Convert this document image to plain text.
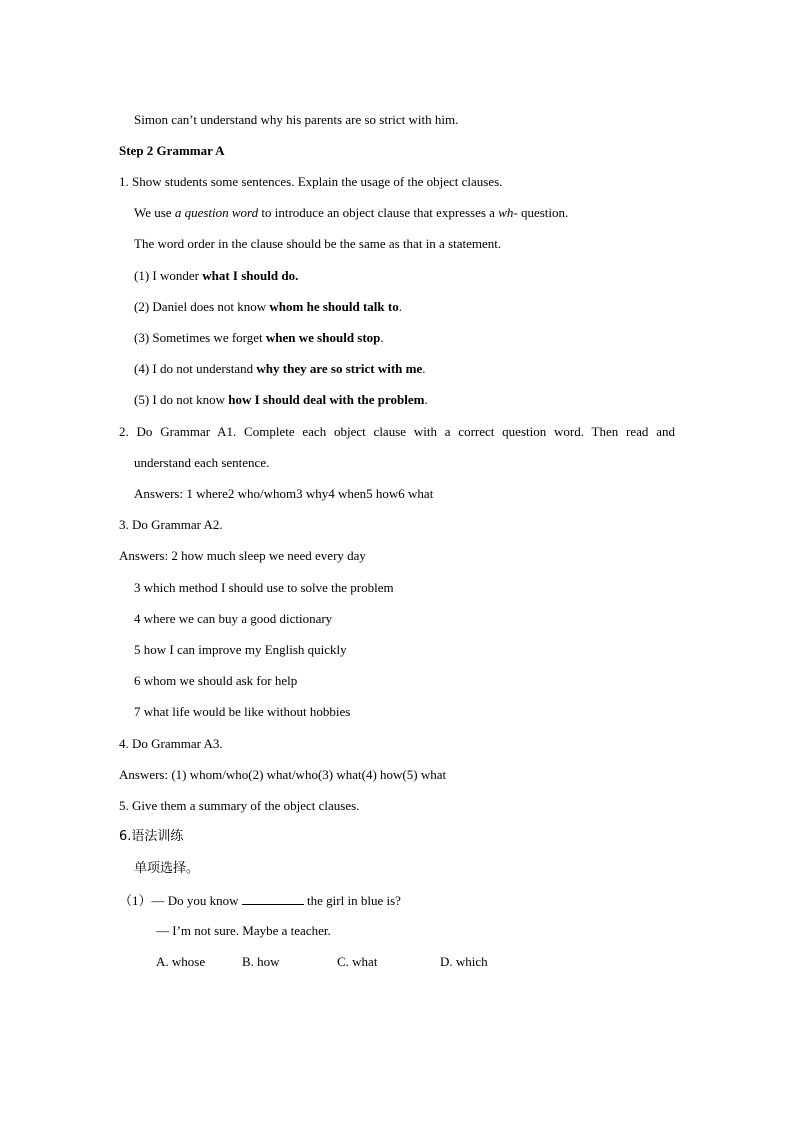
Simon can’t understand why his parents are so strict with him.
Step 2 Grammar A
1. Show students some sentences. Explain the usage of the object clauses.
We use a question word to introduce an object clause that expresses a wh- question.
The word order in the clause should be the same as that in a statement.
(1) I wonder what I should do.
(2) Daniel does not know whom he should talk to.
(3) Sometimes we forget when we should stop.
(4) I do not understand why they are so strict with me.
(5) I do not know how I should deal with the problem.
2. Do Grammar A1. Complete each object clause with a correct question word. Then read and
understand each sentence.
Answers: 1 where2 who/whom3 why4 when5 how6 what
3. Do Grammar A2.
Answers: 2 how much sleep we need every day
3 which method I should use to solve the problem
4 where we can buy a good dictionary
5 how I can improve my English quickly
6 whom we should ask for help
7 what life would be like without hobbies
4. Do Grammar A3.
Answers: (1) whom/who(2) what/who(3) what(4) how(5) what
5. Give them a summary of the object clauses.
6.语法训练
单项选择。
（1）— Do you know	the girl in blue is?
— I’m not sure. Maybe a teacher.
A. whose	B. how	C. what	D. which
